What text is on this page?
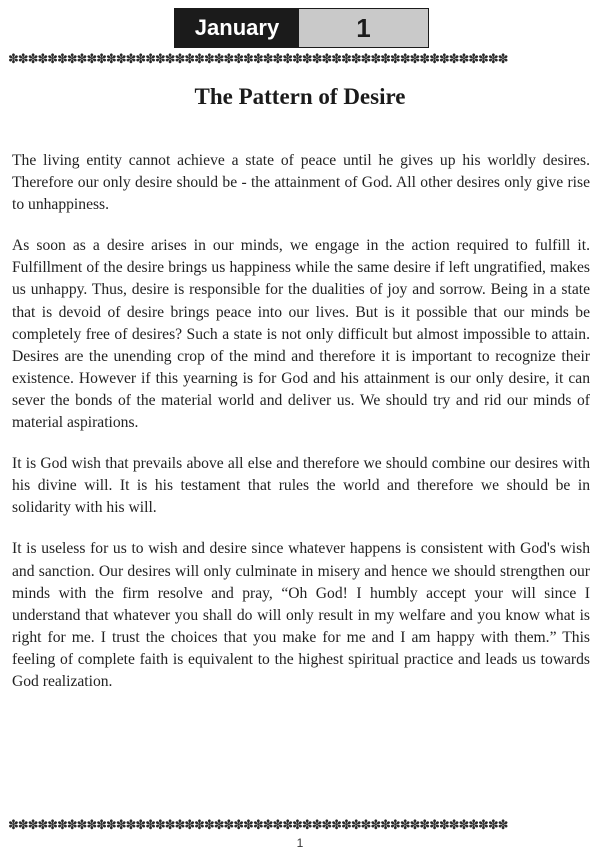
January	1
✽✽✽✽✽✽✽✽✽✽✽✽✽✽✽✽✽✽✽✽✽✽✽✽✽✽✽✽✽✽✽✽✽✽✽✽✽✽✽✽✽✽✽✽✽✽✽✽✽✽✽
The Pattern of Desire

The living entity cannot achieve a state of peace until he gives up his worldly desires. Therefore our only desire should be - the attainment of God. All other desires only give rise to unhappiness.

As soon as a desire arises in our minds, we engage in the action required to fulfill it. Fulfillment of the desire brings us happiness while the same desire if left ungratified, makes us unhappy. Thus, desire is responsible for the dualities of joy and sorrow. Being in a state that is devoid of desire brings peace into our lives. But is it possible that our minds be completely free of desires? Such a state is not only difficult but almost impossible to attain. Desires are the unending crop of the mind and therefore it is important to recognize their existence. However if this yearning is for God and his attainment is our only desire, it can sever the bonds of the material world and deliver us. We should try and rid our minds of material aspirations.

It is God wish that prevails above all else and therefore we should combine our desires with his divine will. It is his testament that rules the world and therefore we should be in solidarity with his will.

It is useless for us to wish and desire since whatever happens is consistent with God's wish and sanction. Our desires will only culminate in misery and hence we should strengthen our minds with the firm resolve and pray, “Oh God! I humbly accept your will since I understand that whatever you shall do will only result in my welfare and you know what is right for me. I trust the choices that you make for me and I am happy with them.” This feeling of complete faith is equivalent to the highest spiritual practice and leads us towards God realization.

✽✽✽✽✽✽✽✽✽✽✽✽✽✽✽✽✽✽✽✽✽✽✽✽✽✽✽✽✽✽✽✽✽✽✽✽✽✽✽✽✽✽✽✽✽✽✽✽✽✽✽
1
